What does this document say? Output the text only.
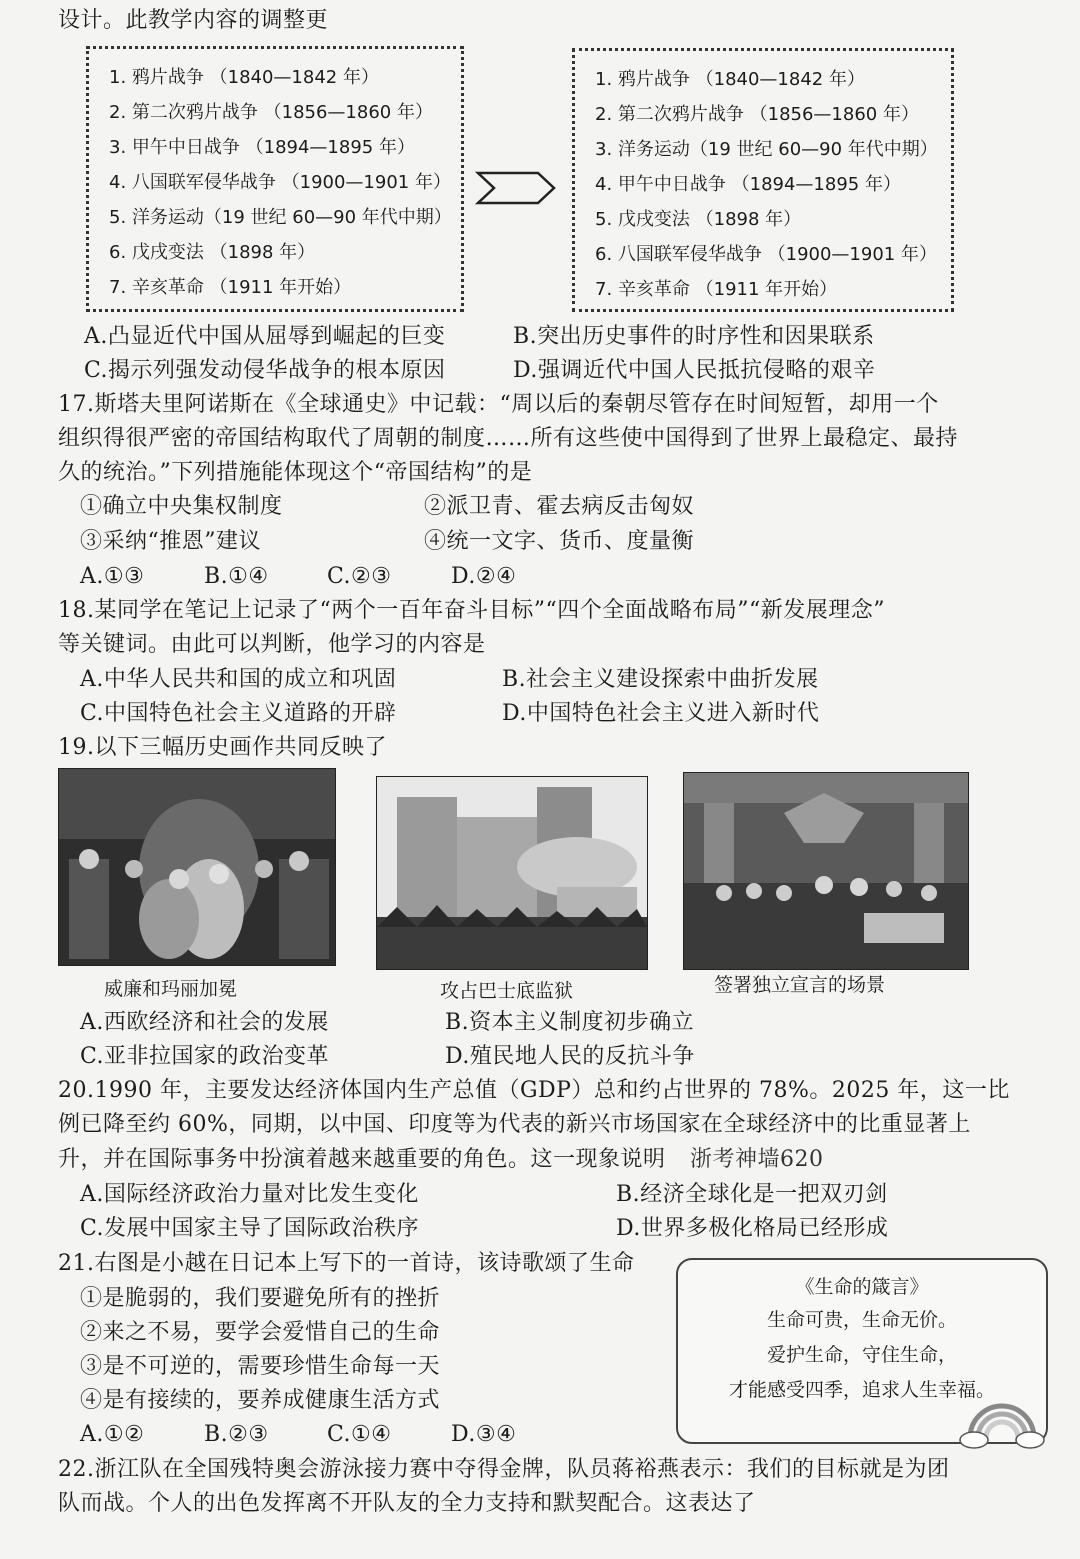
设计。此教学内容的调整更
1. 鸦片战争 （1840—1842 年）
2. 第二次鸦片战争 （1856—1860 年）
3. 甲午中日战争 （1894—1895 年）
4. 八国联军侵华战争 （1900—1901 年）
5. 洋务运动（19 世纪 60—90 年代中期）
6. 戊戌变法 （1898 年）
7. 辛亥革命 （1911 年开始）
1. 鸦片战争 （1840—1842 年）
2. 第二次鸦片战争 （1856—1860 年）
3. 洋务运动（19 世纪 60—90 年代中期）
4. 甲午中日战争 （1894—1895 年）
5. 戊戌变法 （1898 年）
6. 八国联军侵华战争 （1900—1901 年）
7. 辛亥革命 （1911 年开始）
A.凸显近代中国从屈辱到崛起的巨变	B.突出历史事件的时序性和因果联系
C.揭示列强发动侵华战争的根本原因	D.强调近代中国人民抵抗侵略的艰辛
17.斯塔夫里阿诺斯在《全球通史》中记载：“周以后的秦朝尽管存在时间短暂，却用一个
组织得很严密的帝国结构取代了周朝的制度……所有这些使中国得到了世界上最稳定、最持
久的统治。”下列措施能体现这个“帝国结构”的是
①确立中央集权制度	②派卫青、霍去病反击匈奴
③采纳“推恩”建议	④统一文字、货币、度量衡
A.①③	B.①④	C.②③	D.②④
18.某同学在笔记上记录了“两个一百年奋斗目标”“四个全面战略布局”“新发展理念”
等关键词。由此可以判断，他学习的内容是
A.中华人民共和国的成立和巩固	B.社会主义建设探索中曲折发展
C.中国特色社会主义道路的开辟	D.中国特色社会主义进入新时代
19.以下三幅历史画作共同反映了
威廉和玛丽加冕	攻占巴士底监狱	签署独立宣言的场景
A.西欧经济和社会的发展	B.资本主义制度初步确立
C.亚非拉国家的政治变革	D.殖民地人民的反抗斗争
20.1990 年，主要发达经济体国内生产总值（GDP）总和约占世界的 78%。2025 年，这一比
例已降至约 60%，同期，以中国、印度等为代表的新兴市场国家在全球经济中的比重显著上
升，并在国际事务中扮演着越来越重要的角色。这一现象说明 浙考神墙620
A.国际经济政治力量对比发生变化	B.经济全球化是一把双刃剑
C.发展中国家主导了国际政治秩序	D.世界多极化格局已经形成
21.右图是小越在日记本上写下的一首诗，该诗歌颂了生命
①是脆弱的，我们要避免所有的挫折
②来之不易，要学会爱惜自己的生命
③是不可逆的，需要珍惜生命每一天
④是有接续的，要养成健康生活方式
A.①②	B.②③	C.①④	D.③④
《生命的箴言》
生命可贵，生命无价。
爱护生命，守住生命，
才能感受四季，追求人生幸福。
22.浙江队在全国残特奥会游泳接力赛中夺得金牌，队员蒋裕燕表示：我们的目标就是为团
队而战。个人的出色发挥离不开队友的全力支持和默契配合。这表达了
